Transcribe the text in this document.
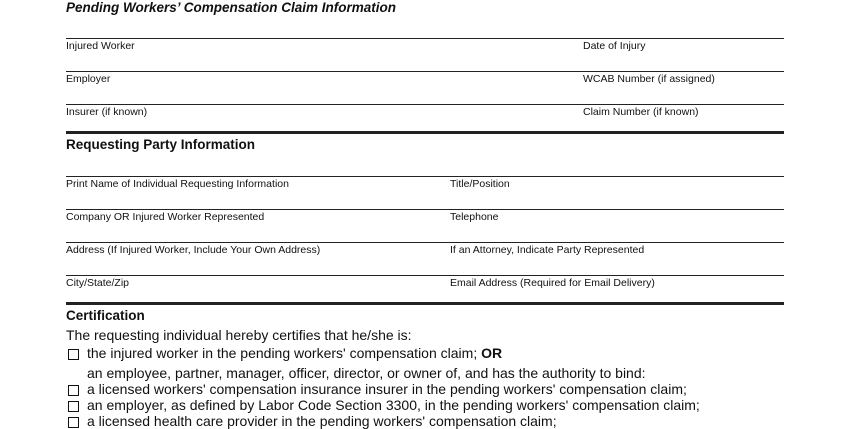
Pending Workers’ Compensation Claim Information
Injured Worker	Date of Injury
Employer	WCAB Number (if assigned)
Insurer (if known)	Claim Number (if known)
Requesting Party Information
Print Name of Individual Requesting Information	Title/Position
Company OR Injured Worker Represented	Telephone
Address (If Injured Worker, Include Your Own Address)	If an Attorney, Indicate Party Represented
City/State/Zip	Email Address (Required for Email Delivery)
Certification
The requesting individual hereby certifies that he/she is:
the injured worker in the pending workers' compensation claim; OR
an employee, partner, manager, officer, director, or owner of, and has the authority to bind:
a licensed workers' compensation insurance insurer in the pending workers' compensation claim;
an employer, as defined by Labor Code Section 3300, in the pending workers' compensation claim;
a licensed health care provider in the pending workers' compensation claim;
